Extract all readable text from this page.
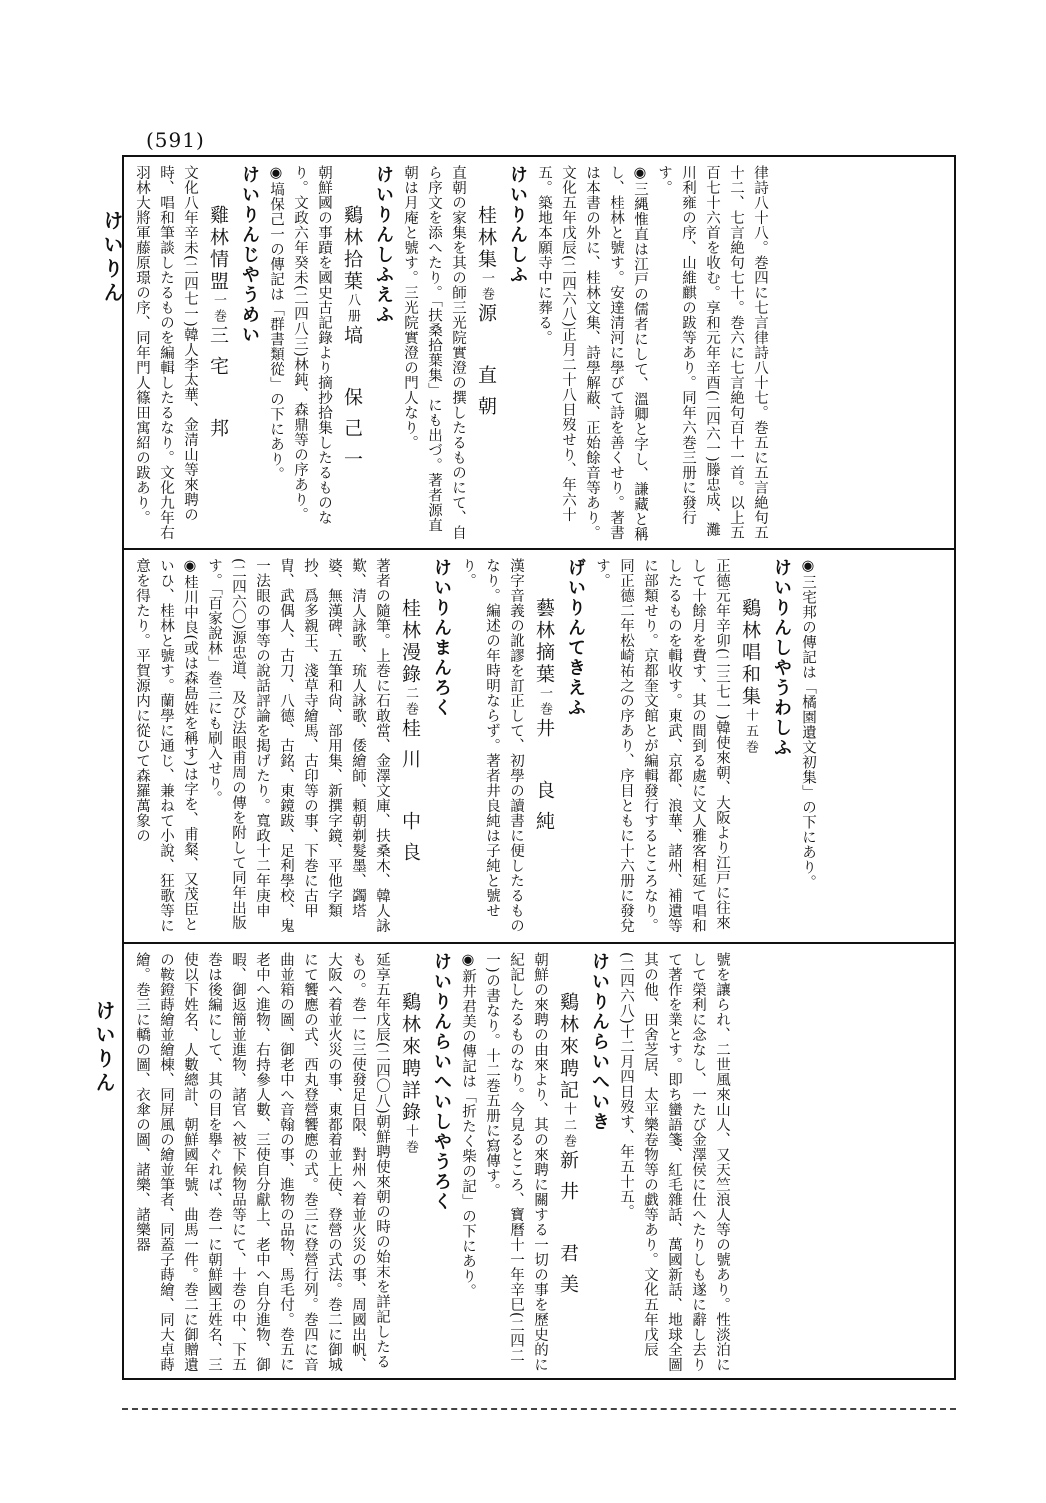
(591)
けいりん
けいりん
律詩八十八。巻四に七言律詩八十七。巻五に五言絶句五十二、七言絶句七十。巻六に七言絶句百十一首。以上五百七十六首を收む。享和元年辛酉(二四六一)滕忠成、灘川利雍の序、山維麒の跋等あり。同年六巻三册に發行す。
◉三縄惟直は江戸の儒者にして、溫卿と字し、謙藏と稱し、桂林と號す。安達清河に學びて詩を善くせり。著書は本書の外に、桂林文集、詩學解蔽、正始餘音等あり。文化五年戊辰(二四六八)正月二十八日歿せり、年六十五。築地本願寺中に葬る。
けいりんしふ
桂林集一巻源　直朝
直朝の家集を其の師三光院實澄の撰したるものにて、自ら序文を添へたり。「扶桑拾葉集」にも出づ。著者源直朝は月庵と號す。三光院實澄の門人なり。
けいりんしふえふ
鷄林拾葉八册塙　保己一
朝鮮國の事蹟を國史古記錄より摘抄拾集したるものなり。文政六年癸未(二四八三)林鈍、森鼎等の序あり。
◉塙保己一の傳記は「群書類從」の下にあり。
けいりんじやうめい
雞林情盟一巻三宅　邦
文化八年辛未(二四七一)韓人李太華、金清山等來聘の時、唱和筆談したるものを編輯したるなり。文化九年右羽林大將軍藤原璟の序、同年門人篠田寓紹の跋あり。
◉三宅邦の傳記は「橘園遺文初集」の下にあり。
けいりんしやうわしふ
鷄林唱和集十五巻
正德元年辛卯(二三七一)韓使來朝、大阪より江戸に往來して十餘月を費す、其の間到る處に文人雅客相延て唱和したるものを輯收す。東武、京都、浪華、諸州、補遺等に部類せり。京都奎文館とが編輯發行するところなり。同正德二年松崎祐之の序あり、序目ともに十六册に發兌す。
げいりんてきえふ
藝林摘葉一巻井　良純
漢字音義の訛謬を訂正して、初學の讀書に便したるものなり。編述の年時明ならず。著者井良純は子純と號せり。
けいりんまんろく
桂林漫錄二巻桂川　中良
著者の隨筆。上巻に石敢當、金澤文庫、扶桑木、韓人詠歎、清人詠歌、琉人詠歌、倭繪師、頼朝剃髮墨、蠲塔婆、無漢碑、五筆和尙、部用集、新撰字鏡、平他字類抄、爲多親王、淺草寺繪馬、古印等の事、下巻に古甲胄、武偶人、古刀、八德、古銘、東鏡跋、足利學校、鬼一法眼の事等の說話評論を掲げたり。寬政十二年庚申(二四六〇)源忠道、及び法眼甫周の傳を附して同年出版す。「百家說林」巻三にも刷入せり。
◉桂川中良(或は森島姓を稱す)は字を、甫粲、又茂臣といひ、桂林と號す。蘭學に通じ、兼ねて小說、狂歌等に意を得たり。平賀源内に從ひて森羅萬象の
號を讓られ、二世風來山人、又天竺浪人等の號あり。性淡泊にして榮利に念なし、一たび金澤侯に仕へたりしも遂に辭し去りて著作を業とす。即ち蠻語箋、紅毛雜話、萬國新話、地球全圖其の他、田舍芝居、太平樂卷物等の戯等あり。文化五年戊辰(二四六八)十二月四日歿す、年五十五。
けいりんらいへいき
鷄林來聘記十二巻新井　君美
朝鮮の來聘の由來より、其の來聘に關する一切の事を歷史的に紀記したるものなり。今見るところ、寶曆十一年辛巳(二四二一)の書なり。十二巻五册に寫傳す。
◉新井君美の傳記は「折たく柴の記」の下にあり。
けいりんらいへいしやうろく
鷄林來聘詳錄十巻
延享五年戊辰(二四〇八)朝鮮聘使來朝の時の始末を詳記したるもの。巻一に三使發足日限、對州へ着並火災の事、周國出帆、大阪へ着並火災の事、東都着並上使、登營の式法。巻二に御城にて饗應の式、西丸登營饗應の式。巻三に登營行列。巻四に音曲並箱の圖、御老中へ音翰の事、進物の品物、馬毛付。巻五に老中へ進物、右持參人數、三使自分獻上、老中へ自分進物、御暇、御返簡並進物、諸官へ被下候物品等にて、十巻の中、下五巻は後編にして、其の目を擧ぐれば、巻一に朝鮮國王姓名、三使以下姓名、人數總計、朝鮮國年號、曲馬一件。巻二に御贈遺の鞍鐙蒔繪並繪棟、同屏風の繪並筆者、同蓋子蒔繪、同大卓蒔繪。巻三に轎の圖、衣傘の圖、諸樂、諸樂器
